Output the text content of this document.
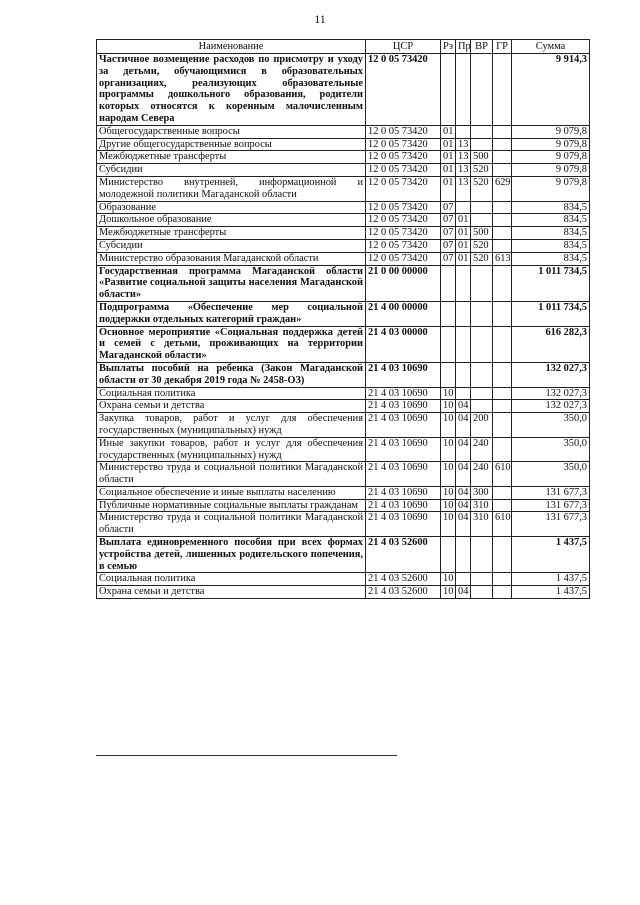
11
Наименование	ЦСР	Рз	Пр	ВР	ГР	Сумма
Частичное возмещение расходов по присмотру и уходу за детьми, обучающимися в образовательных организациях, реализующих образовательные программы дошкольного образования, родители которых относятся к коренным малочисленным народам Севера	12 0 05 73420					9 914,3
Общегосударственные вопросы	12 0 05 73420	01				9 079,8
Другие общегосударственные вопросы	12 0 05 73420	01	13			9 079,8
Межбюджетные трансферты	12 0 05 73420	01	13	500		9 079,8
Субсидии	12 0 05 73420	01	13	520		9 079,8
Министерство внутренней, информационной и молодежной политики Магаданской области	12 0 05 73420	01	13	520	629	9 079,8
Образование	12 0 05 73420	07				834,5
Дошкольное образование	12 0 05 73420	07	01			834,5
Межбюджетные трансферты	12 0 05 73420	07	01	500		834,5
Субсидии	12 0 05 73420	07	01	520		834,5
Министерство образования Магаданской области	12 0 05 73420	07	01	520	613	834,5
Государственная программа Магаданской области «Развитие социальной защиты населения Магаданской области»	21 0 00 00000					1 011 734,5
Подпрограмма «Обеспечение мер социальной поддержки отдельных категорий граждан»	21 4 00 00000					1 011 734,5
Основное мероприятие «Социальная поддержка детей и семей с детьми, проживающих на территории Магаданской области»	21 4 03 00000					616 282,3
Выплаты пособий на ребенка (Закон Магаданской области от 30 декабря 2019 года № 2458-ОЗ)	21 4 03 10690					132 027,3
Социальная политика	21 4 03 10690	10				132 027,3
Охрана семьи и детства	21 4 03 10690	10	04			132 027,3
Закупка товаров, работ и услуг для обеспечения государственных (муниципальных) нужд	21 4 03 10690	10	04	200		350,0
Иные закупки товаров, работ и услуг для обеспечения государственных (муниципальных) нужд	21 4 03 10690	10	04	240		350,0
Министерство труда и социальной политики Магаданской области	21 4 03 10690	10	04	240	610	350,0
Социальное обеспечение и иные выплаты населению	21 4 03 10690	10	04	300		131 677,3
Публичные нормативные социальные выплаты гражданам	21 4 03 10690	10	04	310		131 677,3
Министерство труда и социальной политики Магаданской области	21 4 03 10690	10	04	310	610	131 677,3
Выплата единовременного пособия при всех формах устройства детей, лишенных родительского попечения, в семью	21 4 03 52600					1 437,5
Социальная политика	21 4 03 52600	10				1 437,5
Охрана семьи и детства	21 4 03 52600	10	04			1 437,5
